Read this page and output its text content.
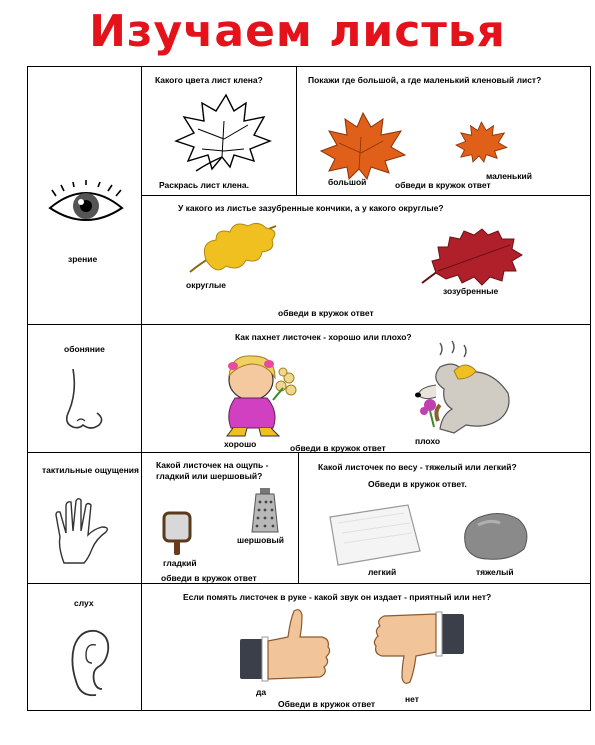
Изучаем листья
зрение
обоняние
тактильные ощущения
слух
Какого цвета лист клена?
Раскрась лист клена.
Покажи где большой, а где маленький кленовый лист?
большой
маленький
обведи в кружок ответ
У какого из листье зазубренные кончики, а у какого округлые?
округлые
зозубренные
обведи в кружок ответ
Как пахнет листочек - хорошо или плохо?
хорошо	плохо
обведи в кружок ответ
Какой листочек на ощупь - гладкий или шершовый?
гладкий
шершовый
обведи в кружок ответ
Какой листочек по весу - тяжелый или легкий?
Обведи в кружок ответ.
легкий	тяжелый
Если помять листочек в руке - какой звук он издает - приятный или нет?
да
нет
Обведи в кружок ответ
